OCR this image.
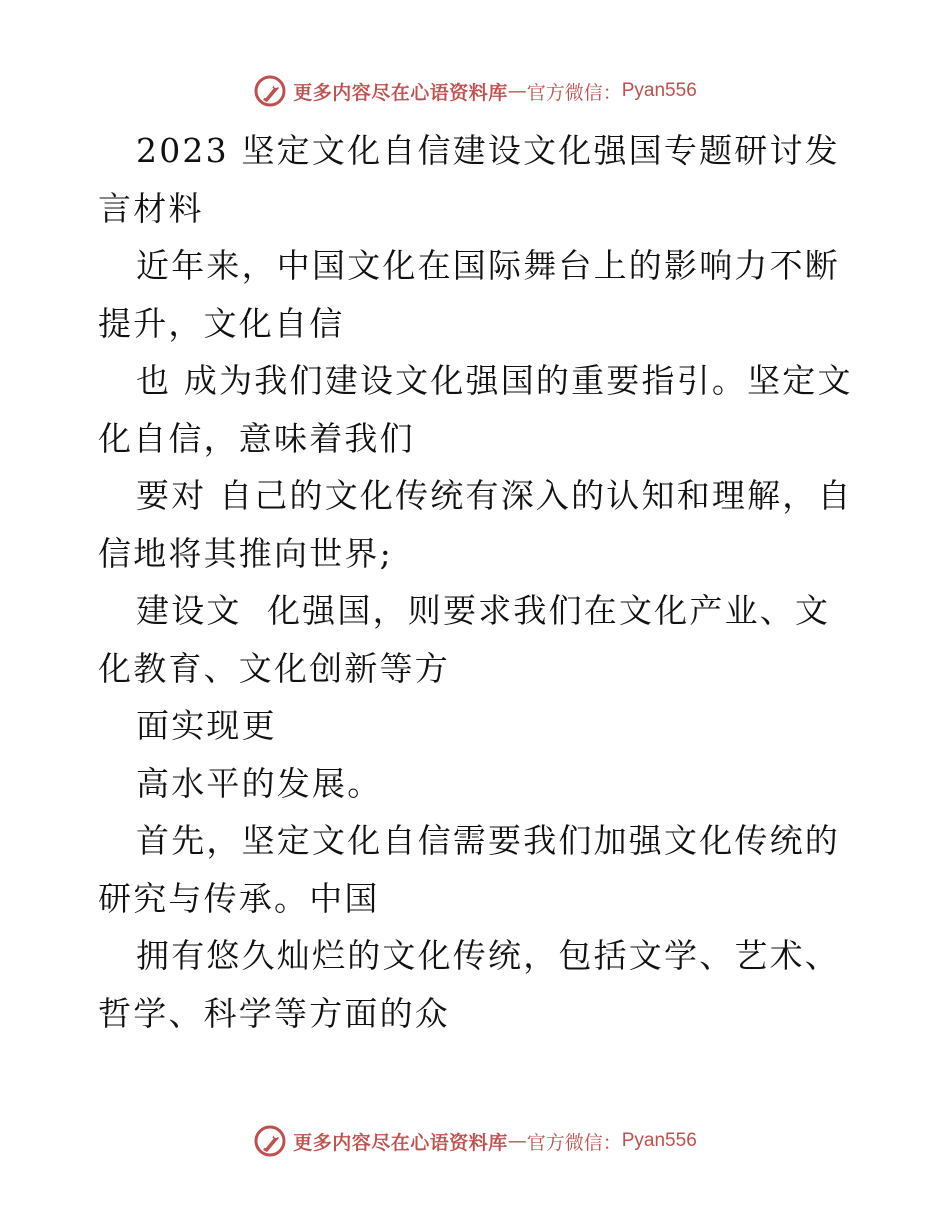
更多内容尽在心语资料库 — 官方微信： Pyan556

2023 坚定文化自信建设文化强国专题研讨发言材料

近年来，中国文化在国际舞台上的影响力不断提升，文化自信

也 成为我们建设文化强国的重要指引。坚定文化自信，意味着我们

要对 自己的文化传统有深入的认知和理解，自信地将其推向世界;

建设文  化强国，则要求我们在文化产业、文化教育、文化创新等方

面实现更

高水平的发展。

首先，坚定文化自信需要我们加强文化传统的研究与传承。中国

拥有悠久灿烂的文化传统，包括文学、艺术、哲学、科学等方面的众

更多内容尽在心语资料库 — 官方微信： Pyan556
